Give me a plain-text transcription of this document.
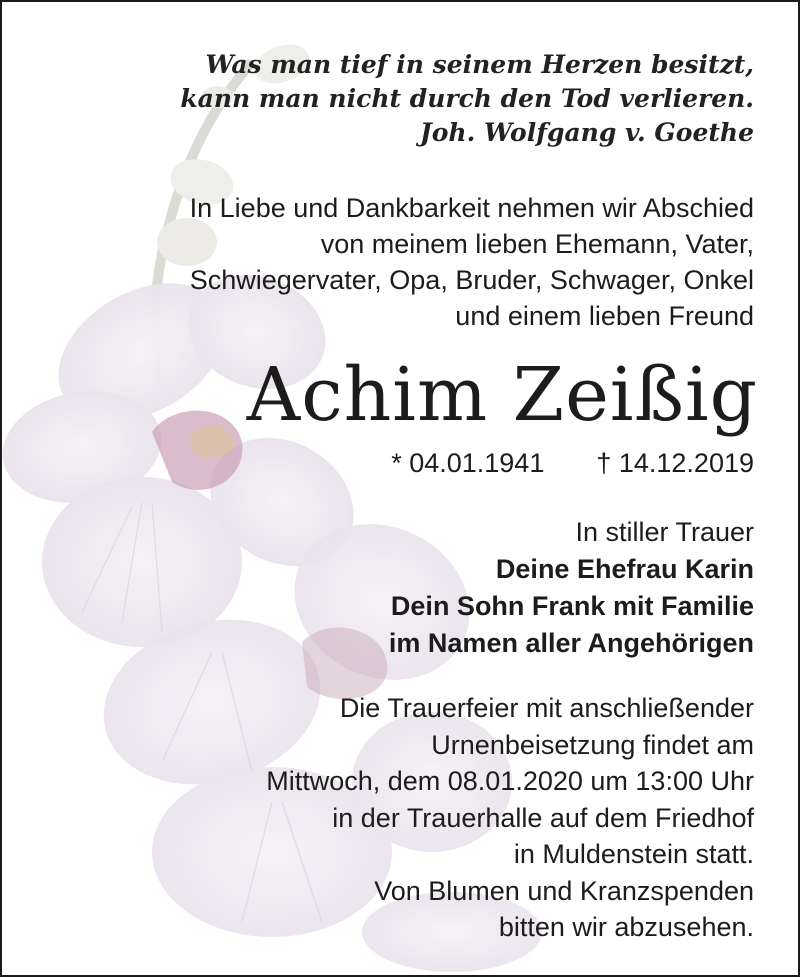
Was man tief in seinem Herzen besitzt,
kann man nicht durch den Tod verlieren.
Joh. Wolfgang v. Goethe
In Liebe und Dankbarkeit nehmen wir Abschied
von meinem lieben Ehemann, Vater,
Schwiegervater, Opa, Bruder, Schwager, Onkel
und einem lieben Freund
Achim Zeißig
* 04.01.1941 † 14.12.2019
In stiller Trauer
Deine Ehefrau Karin
Dein Sohn Frank mit Familie
im Namen aller Angehörigen
Die Trauerfeier mit anschließender
Urnenbeisetzung findet am
Mittwoch, dem 08.01.2020 um 13:00 Uhr
in der Trauerhalle auf dem Friedhof
in Muldenstein statt.
Von Blumen und Kranzspenden
bitten wir abzusehen.
